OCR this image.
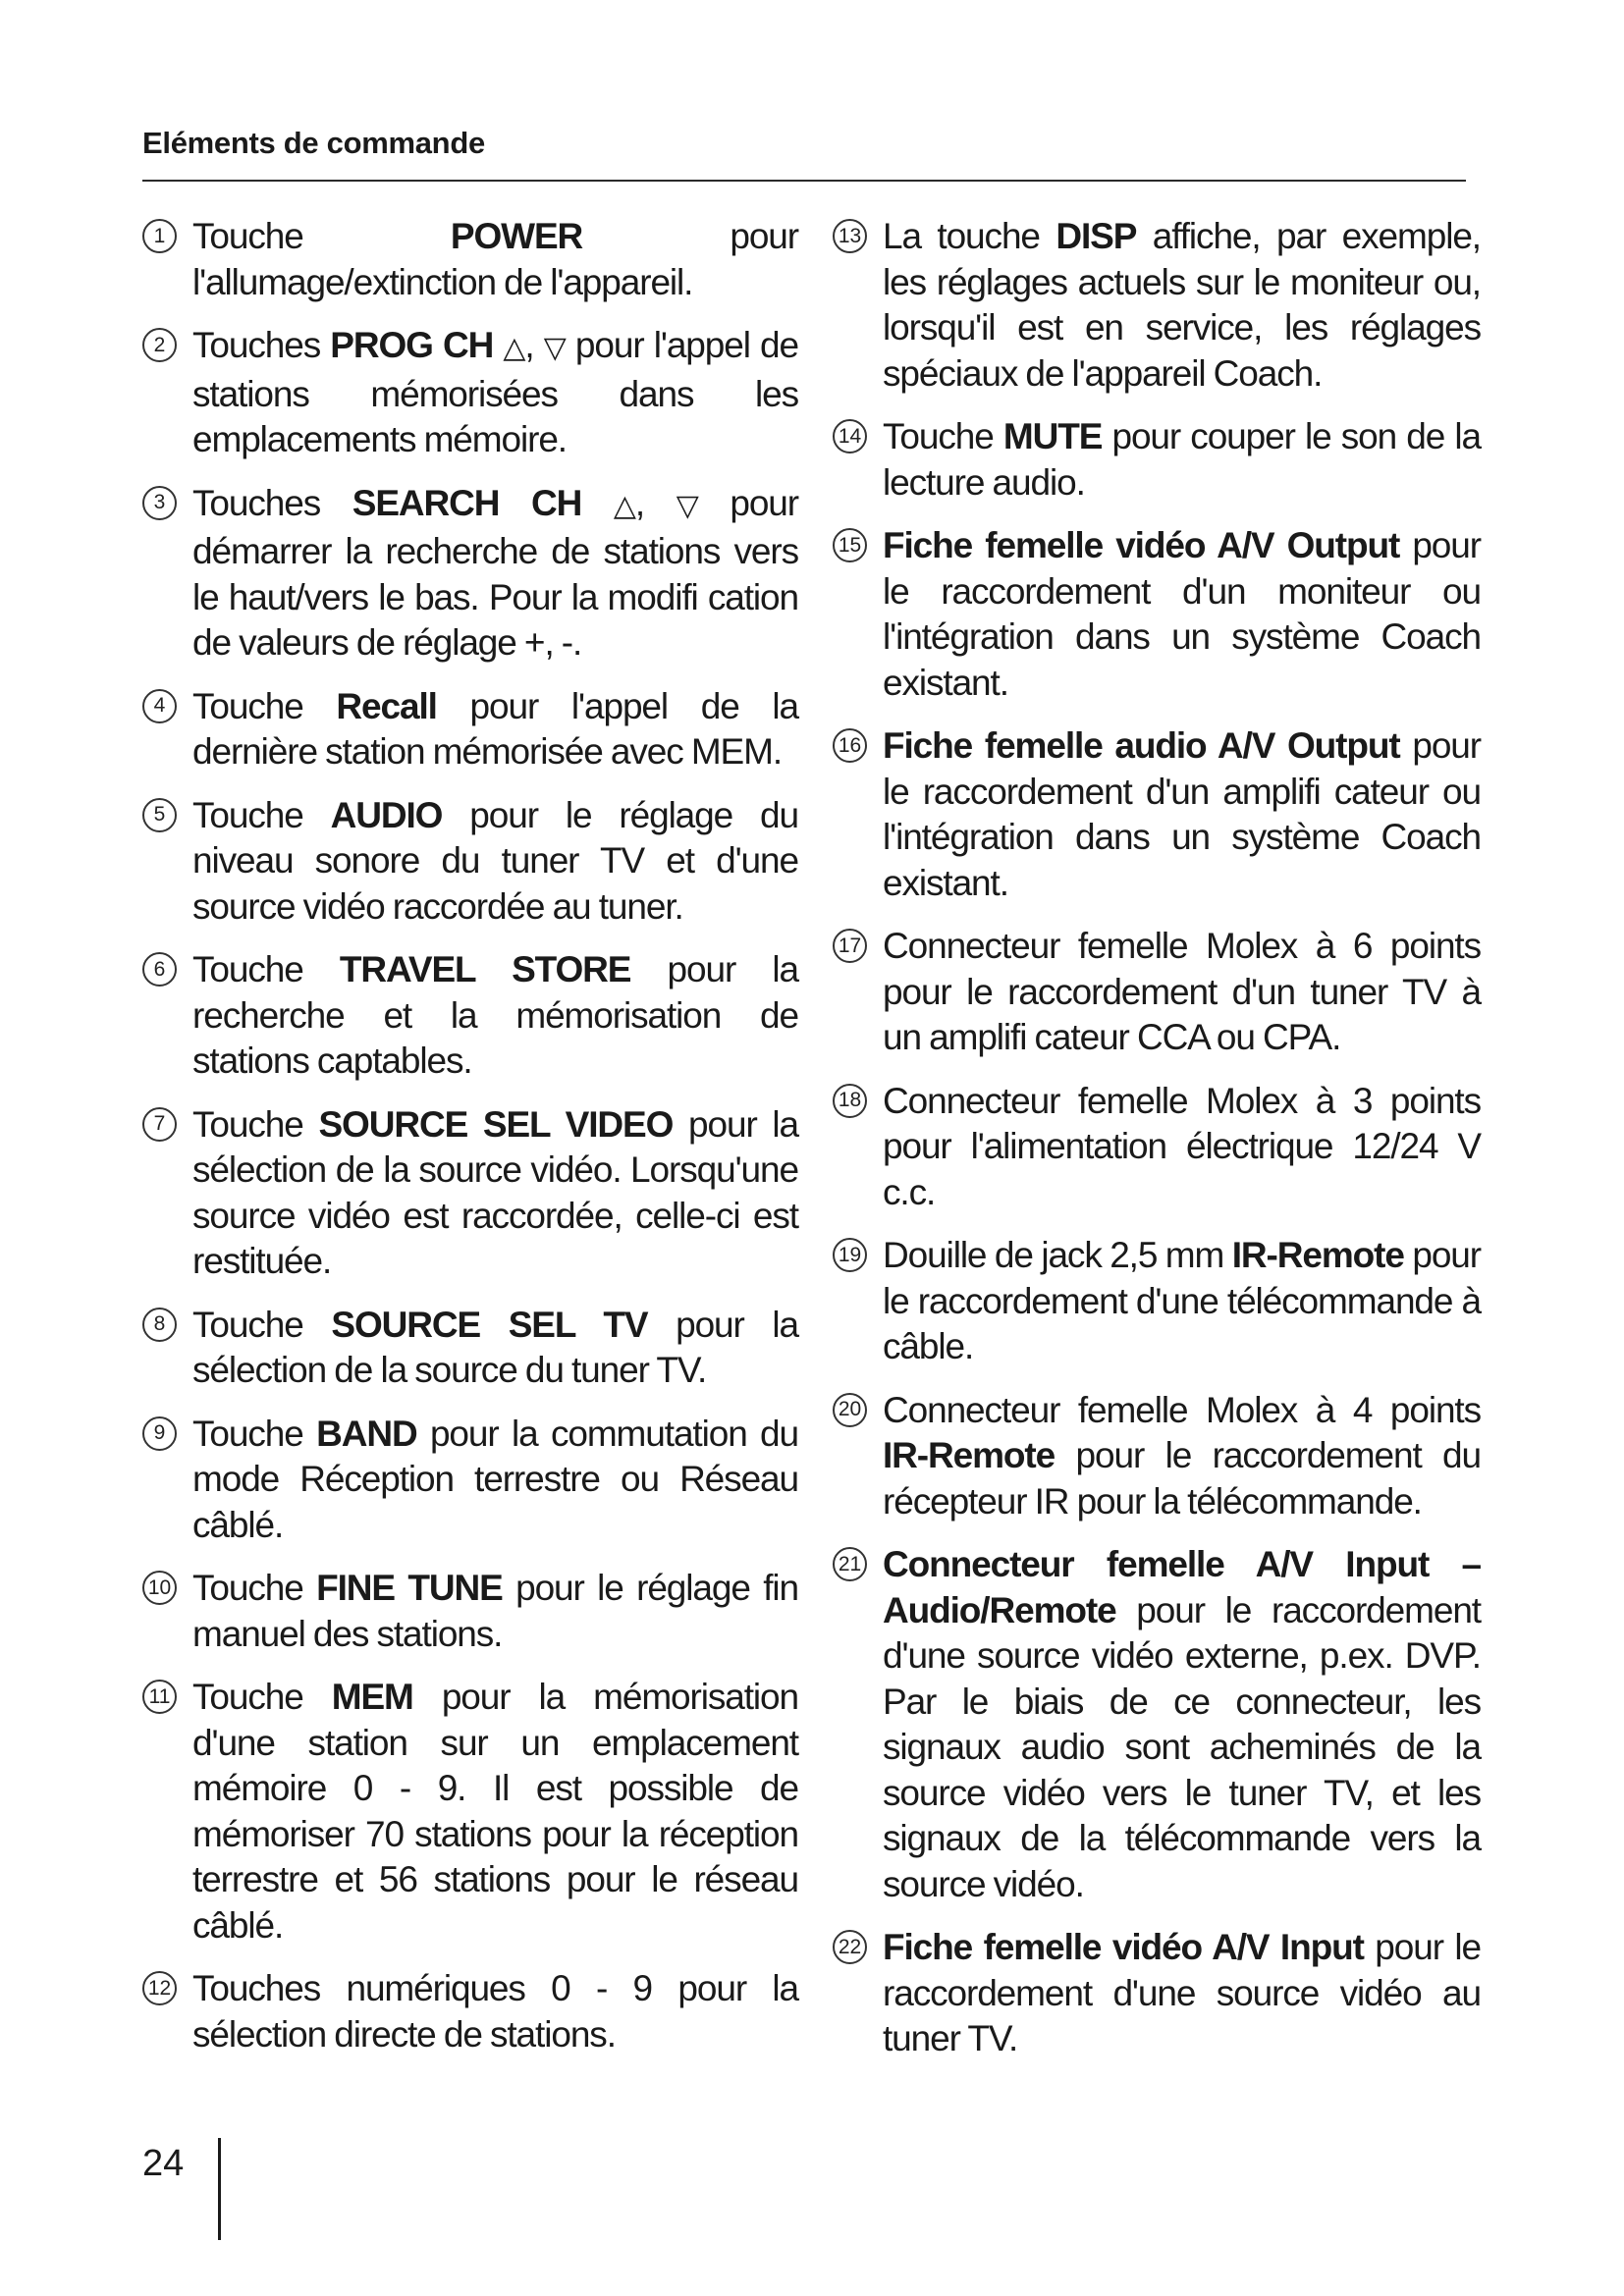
Eléments de commande
1 Touche POWER pour l'allumage/extinction de l'appareil.
2 Touches PROG CH △, ▽ pour l'appel de stations mémorisées dans les emplacements mémoire.
3 Touches SEARCH CH △, ▽ pour démarrer la recherche de stations vers le haut/vers le bas. Pour la modifi cation de valeurs de réglage +, -.
4 Touche Recall pour l'appel de la dernière station mémorisée avec MEM.
5 Touche AUDIO pour le réglage du niveau sonore du tuner TV et d'une source vidéo raccordée au tuner.
6 Touche TRAVEL STORE pour la recherche et la mémorisation de stations captables.
7 Touche SOURCE SEL VIDEO pour la sélection de la source vidéo. Lorsqu'une source vidéo est raccordée, celle-ci est restituée.
8 Touche SOURCE SEL TV pour la sélection de la source du tuner TV.
9 Touche BAND pour la commutation du mode Réception terrestre ou Réseau câblé.
10 Touche FINE TUNE pour le réglage fin manuel des stations.
11 Touche MEM pour la mémorisation d'une station sur un emplacement mémoire 0 - 9. Il est possible de mémoriser 70 stations pour la réception terrestre et 56 stations pour le réseau câblé.
12 Touches numériques 0 - 9 pour la sélection directe de stations.
13 La touche DISP affiche, par exemple, les réglages actuels sur le moniteur ou, lorsqu'il est en service, les réglages spéciaux de l'appareil Coach.
14 Touche MUTE pour couper le son de la lecture audio.
15 Fiche femelle vidéo A/V Output pour le raccordement d'un moniteur ou l'intégration dans un système Coach existant.
16 Fiche femelle audio A/V Output pour le raccordement d'un amplifi cateur ou l'intégration dans un système Coach existant.
17 Connecteur femelle Molex à 6 points pour le raccordement d'un tuner TV à un amplifi cateur CCA ou CPA.
18 Connecteur femelle Molex à 3 points pour l'alimentation électrique 12/24 V c.c.
19 Douille de jack 2,5 mm IR-Remote pour le raccordement d'une télécommande à câble.
20 Connecteur femelle Molex à 4 points IR-Remote pour le raccordement du récepteur IR pour la télécommande.
21 Connecteur femelle A/V Input – Audio/Remote pour le raccordement d'une source vidéo externe, p.ex. DVP. Par le biais de ce connecteur, les signaux audio sont acheminés de la source vidéo vers le tuner TV, et les signaux de la télécommande vers la source vidéo.
22 Fiche femelle vidéo A/V Input pour le raccordement d'une source vidéo au tuner TV.
24
